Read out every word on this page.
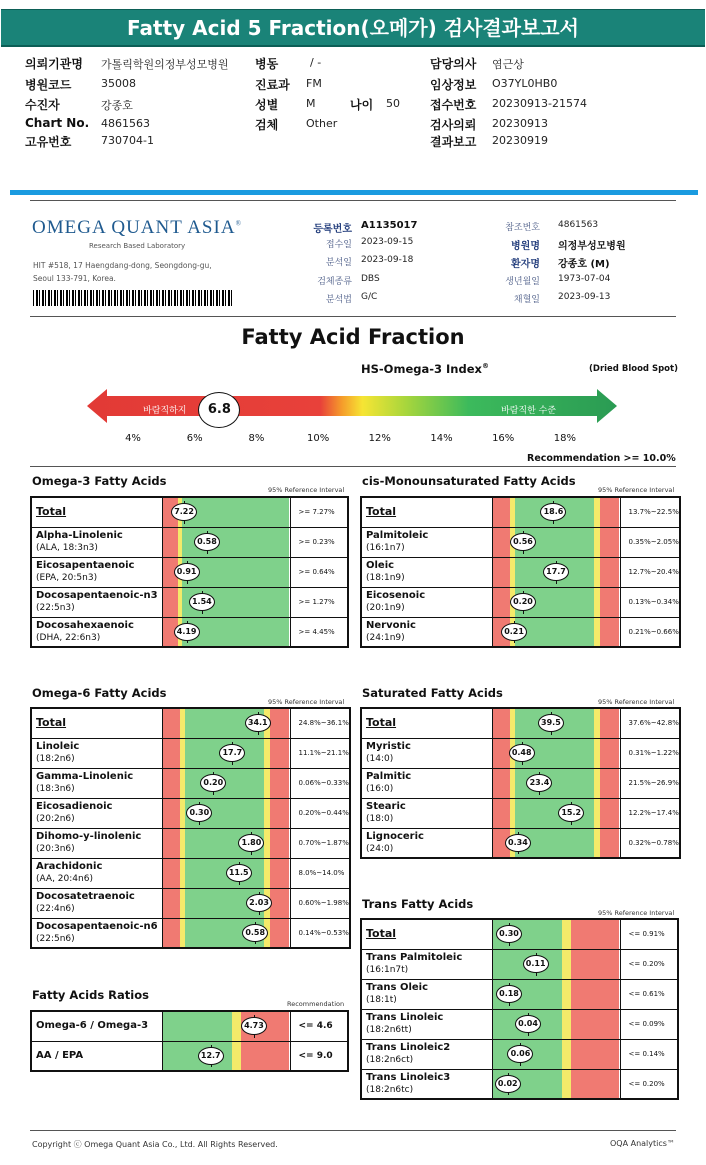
Fatty Acid 5 Fraction(오메가) 검사결과보고서
의뢰기관명 가톨릭학원의정부성모병원 병동	/ -	담당의사 염근상
병원코드	35008	진료과 FM	임상정보 O37YL0HB0
수진자	강종호	성별	M	나이 50	접수번호 20230913-21574
Chart No. 4861563	검체	Other	검사의뢰 20230913
고유번호	730704-1	결과보고 20230919
OMEGA QUANT ASIA®
Research Based Laboratory
HIT #518, 17 Haengdang-dong, Seongdong-gu,
Seoul 133-791, Korea.
등록번호 A1135017
접수일 2023-09-15
분석일 2023-09-18
검체종류 DBS
분석법 G/C
참조번호 4861563
병원명 의정부성모병원
환자명 강종호 (M)
생년월일 1973-07-04
채혈일 2023-09-13
Fatty Acid Fraction
HS-Omega-3 Index®	(Dried Blood Spot)
바람직하지	바람직한 수준
6.8
4%	6%	8%	10%	12%	14%	16%	18%
Recommendation >= 10.0%
Omega-3 Fatty Acids
95% Reference Interval
Total	7.22	>= 7.27%

Alpha-Linolenic
(ALA, 18:3n3)	0.58	>= 0.23%

Eicosapentaenoic
(EPA, 20:5n3)	0.91	>= 0.64%

Docosapentaenoic-n3
(22:5n3)	1.54	>= 1.27%

Docosahexaenoic
(DHA, 22:6n3)	4.19	>= 4.45%
cis-Monounsaturated Fatty Acids
95% Reference Interval
Total	18.6	13.7%~22.5%

Palmitoleic
(16:1n7)	0.56	0.35%~2.05%

Oleic
(18:1n9)	17.7	12.7%~20.4%

Eicosenoic
(20:1n9)	0.20	0.13%~0.34%

Nervonic
(24:1n9)	0.21	0.21%~0.66%
Omega-6 Fatty Acids
95% Reference Interval
Total	34.1	24.8%~36.1%

Linoleic
(18:2n6)	17.7	11.1%~21.1%

Gamma-Linolenic
(18:3n6)	0.20	0.06%~0.33%

Eicosadienoic
(20:2n6)	0.30	0.20%~0.44%

Dihomo-y-linolenic
(20:3n6)	1.80	0.70%~1.87%

Arachidonic
(AA, 20:4n6)	11.5	8.0%~14.0%

Docosatetraenoic
(22:4n6)	2.03	0.60%~1.98%

Docosapentaenoic-n6
(22:5n6)	0.58	0.14%~0.53%
Saturated Fatty Acids
95% Reference Interval
Total	39.5	37.6%~42.8%

Myristic
(14:0)	0.48	0.31%~1.22%

Palmitic
(16:0)	23.4	21.5%~26.9%

Stearic
(18:0)	15.2	12.2%~17.4%

Lignoceric
(24:0)	0.34	0.32%~0.78%
Trans Fatty Acids
95% Reference Interval
Total	0.30	<= 0.91%

Trans Palmitoleic
(16:1n7t)	0.11	<= 0.20%

Trans Oleic
(18:1t)	0.18	<= 0.61%

Trans Linoleic
(18:2n6tt)	0.04	<= 0.09%

Trans Linoleic2
(18:2n6ct)	0.06	<= 0.14%

Trans Linoleic3
(18:2n6tc)	0.02	<= 0.20%
Fatty Acids Ratios
Recommendation
Omega-6 / Omega-3	4.73	<= 4.6

AA / EPA	12.7	<= 9.0
Copyright ⓒ Omega Quant Asia Co., Ltd. All Rights Reserved.	OQA Analytics™
